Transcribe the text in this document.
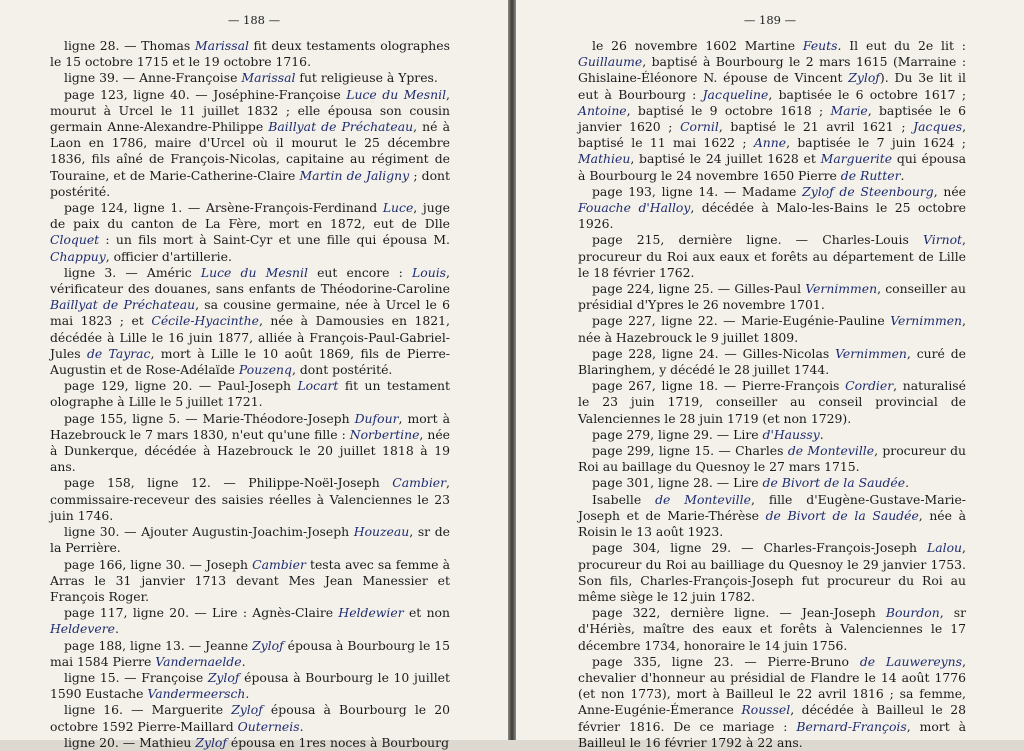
— 188 —

ligne 28. — Thomas Marissal fit deux testaments olographes le 15 octobre 1715 et le 19 octobre 1716.

ligne 39. — Anne-Françoise Marissal fut religieuse à Ypres.

page 123, ligne 40. — Joséphine-Françoise Luce du Mesnil, mourut à Urcel le 11 juillet 1832 ; elle épousa son cousin germain Anne-Alexandre-Philippe Baillyat de Préchateau, né à Laon en 1786, maire d'Urcel où il mourut le 25 décembre 1836, fils aîné de François-Nicolas, capitaine au régiment de Touraine, et de Marie-Catherine-Claire Martin de Jaligny ; dont postérité.

page 124, ligne 1. — Arsène-François-Ferdinand Luce, juge de paix du canton de La Fère, mort en 1872, eut de Dlle Cloquet : un fils mort à Saint-Cyr et une fille qui épousa M. Chappuy, officier d'artillerie.

ligne 3. — Améric Luce du Mesnil eut encore : Louis, vérificateur des douanes, sans enfants de Théodorine-Caroline Baillyat de Préchateau, sa cousine germaine, née à Urcel le 6 mai 1823 ; et Cécile-Hyacinthe, née à Damousies en 1821, décédée à Lille le 16 juin 1877, alliée à François-Paul-Gabriel-Jules de Tayrac, mort à Lille le 10 août 1869, fils de Pierre-Augustin et de Rose-Adélaïde Pouzenq, dont postérité.

page 129, ligne 20. — Paul-Joseph Locart fit un testament olographe à Lille le 5 juillet 1721.

page 155, ligne 5. — Marie-Théodore-Joseph Dufour, mort à Hazebrouck le 7 mars 1830, n'eut qu'une fille : Norbertine, née à Dunkerque, décédée à Hazebrouck le 20 juillet 1818 à 19 ans.

page 158, ligne 12. — Philippe-Noël-Joseph Cambier, commissaire-receveur des saisies réelles à Valenciennes le 23 juin 1746.

ligne 30. — Ajouter Augustin-Joachim-Joseph Houzeau, sr de la Perrière.

page 166, ligne 30. — Joseph Cambier testa avec sa femme à Arras le 31 janvier 1713 devant Mes Jean Manessier et François Roger.

page 117, ligne 20. — Lire : Agnès-Claire Heldewier et non Heldevere.

page 188, ligne 13. — Jeanne Zyloƒ épousa à Bourbourg le 15 mai 1584 Pierre Vandernaelde.

ligne 15. — Françoise Zyloƒ épousa à Bourbourg le 10 juillet 1590 Eustache Vandermeersch.

ligne 16. — Marguerite Zyloƒ épousa à Bourbourg le 20 octobre 1592 Pierre-Maillard Outerneis.

ligne 20. — Mathieu Zyloƒ épousa en 1res noces à Bourbourg

— 189 —

le 26 novembre 1602 Martine Feuts. Il eut du 2e lit : Guillaume, baptisé à Bourbourg le 2 mars 1615 (Marraine : Ghislaine-Éléonore N. épouse de Vincent Zyloƒ). Du 3e lit il eut à Bourbourg : Jacqueline, baptisée le 6 octobre 1617 ; Antoine, baptisé le 9 octobre 1618 ; Marie, baptisée le 6 janvier 1620 ; Cornil, baptisé le 21 avril 1621 ; Jacques, baptisé le 11 mai 1622 ; Anne, baptisée le 7 juin 1624 ; Mathieu, baptisé le 24 juillet 1628 et Marguerite qui épousa à Bourbourg le 24 novembre 1650 Pierre de Rutter.

page 193, ligne 14. — Madame Zyloƒ de Steenbourg, née Fouache d'Halloy, décédée à Malo-les-Bains le 25 octobre 1926.

page 215, dernière ligne. — Charles-Louis Virnot, procureur du Roi aux eaux et forêts au département de Lille le 18 février 1762.

page 224, ligne 25. — Gilles-Paul Vernimmen, conseiller au présidial d'Ypres le 26 novembre 1701.

page 227, ligne 22. — Marie-Eugénie-Pauline Vernimmen, née à Hazebrouck le 9 juillet 1809.

page 228, ligne 24. — Gilles-Nicolas Vernimmen, curé de Blaringhem, y décédé le 28 juillet 1744.

page 267, ligne 18. — Pierre-François Cordier, naturalisé le 23 juin 1719, conseiller au conseil provincial de Valenciennes le 28 juin 1719 (et non 1729).

page 279, ligne 29. — Lire d'Haussy.

page 299, ligne 15. — Charles de Monteville, procureur du Roi au baillage du Quesnoy le 27 mars 1715.

page 301, ligne 28. — Lire de Bivort de la Saudée.

Isabelle de Monteville, fille d'Eugène-Gustave-Marie-Joseph et de Marie-Thérèse de Bivort de la Saudée, née à Roisin le 13 août 1923.

page 304, ligne 29. — Charles-François-Joseph Lalou, procureur du Roi au bailliage du Quesnoy le 29 janvier 1753. Son fils, Charles-François-Joseph fut procureur du Roi au même siège le 12 juin 1782.

page 322, dernière ligne. — Jean-Joseph Bourdon, sr d'Hériès, maître des eaux et forêts à Valenciennes le 17 décembre 1734, honoraire le 14 juin 1756.

page 335, ligne 23. — Pierre-Bruno de Lauwereyns, chevalier d'honneur au présidial de Flandre le 14 août 1776 (et non 1773), mort à Bailleul le 22 avril 1816 ; sa femme, Anne-Eugénie-Émerance Roussel, décédée à Bailleul le 28 février 1816. De ce mariage : Bernard-François, mort à Bailleul le 16 février 1792 à 22 ans.
